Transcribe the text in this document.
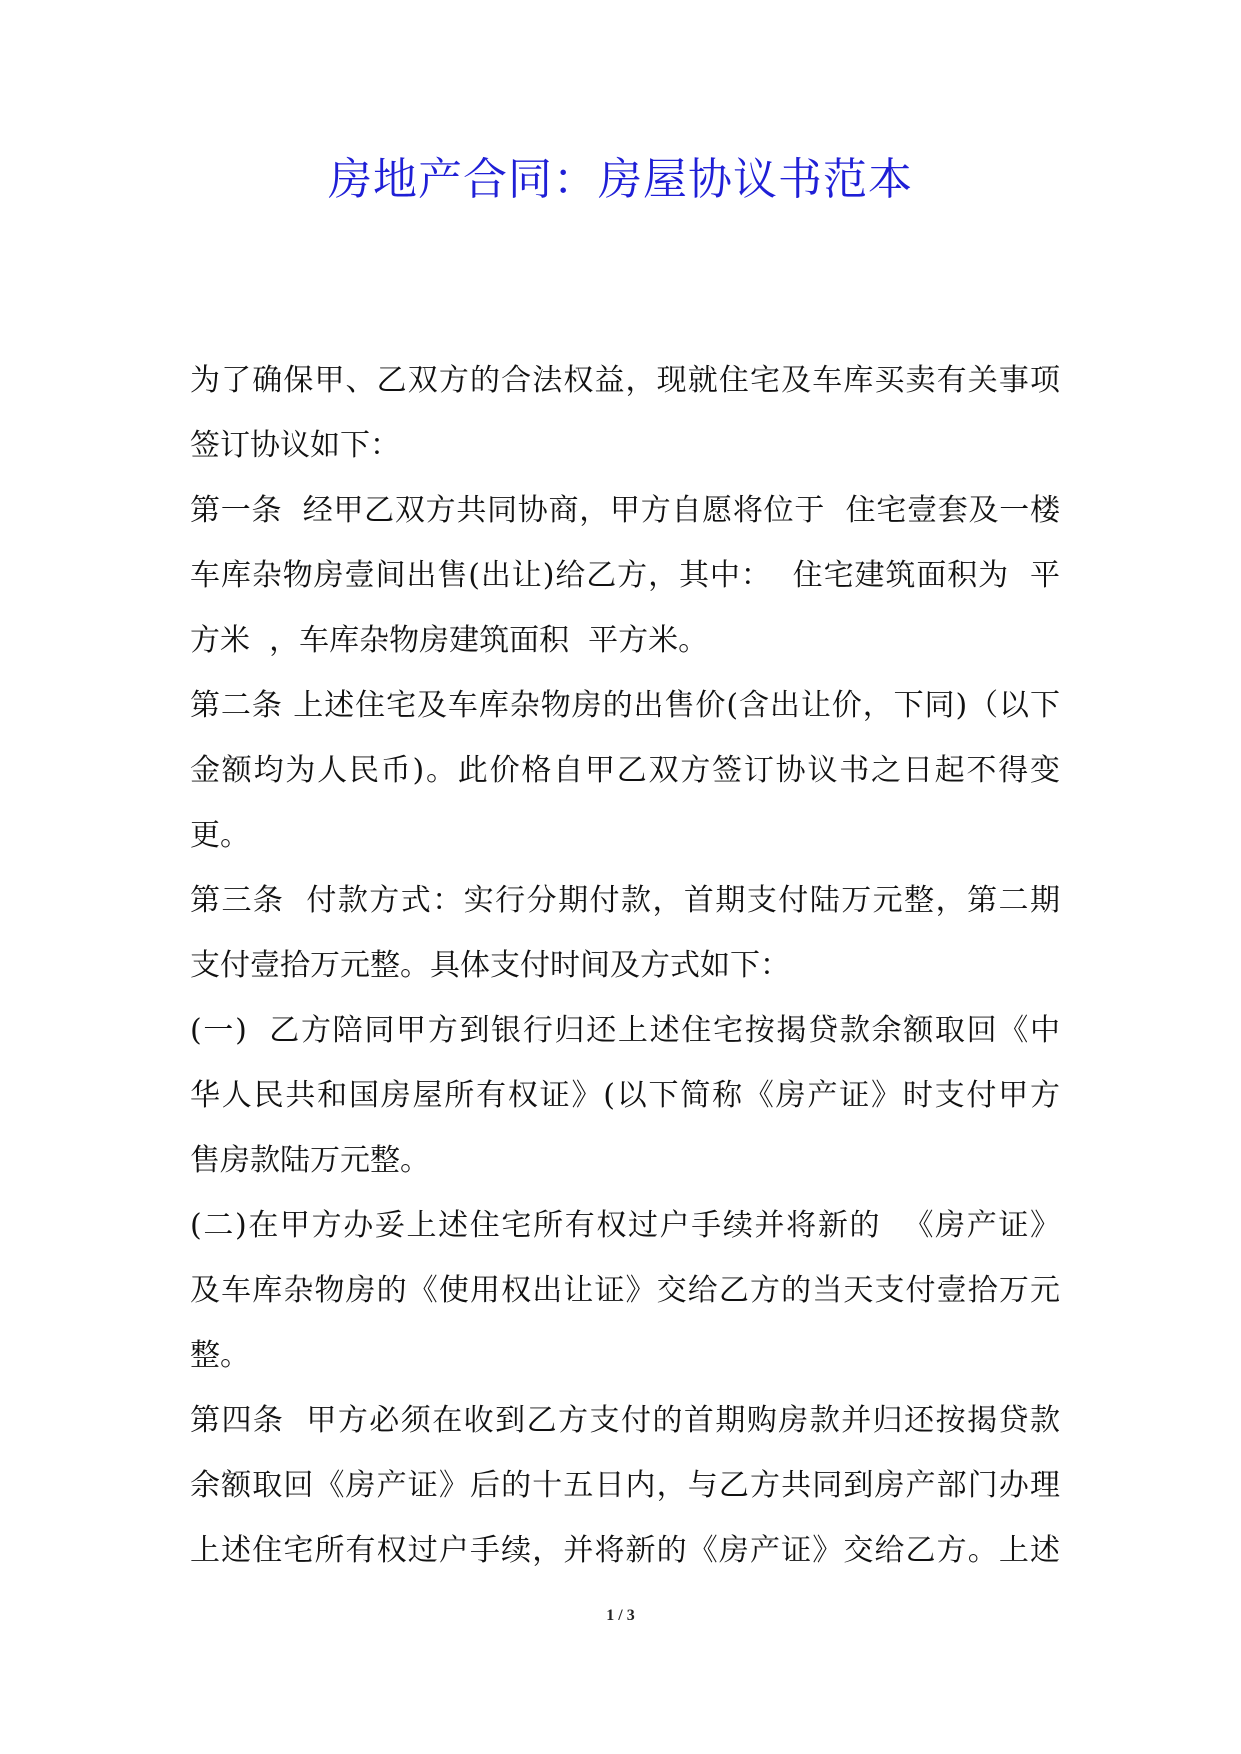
房地产合同：房屋协议书范本
为了确保甲、乙双方的合法权益，现就住宅及车库买卖有关事项
签订协议如下：
第一条  经甲乙双方共同协商，甲方自愿将位于  住宅壹套及一楼
车库杂物房壹间出售(出让)给乙方，其中：  住宅建筑面积为  平
方米  ，车库杂物房建筑面积  平方米。
第二条 上述住宅及车库杂物房的出售价(含出让价，下同)（以下
金额均为人民币)。此价格自甲乙双方签订协议书之日起不得变
更。
第三条  付款方式：实行分期付款，首期支付陆万元整，第二期
支付壹拾万元整。具体支付时间及方式如下：
(一)  乙方陪同甲方到银行归还上述住宅按揭贷款余额取回《中
华人民共和国房屋所有权证》(以下简称《房产证》时支付甲方
售房款陆万元整。
(二)在甲方办妥上述住宅所有权过户手续并将新的  《房产证》
及车库杂物房的《使用权出让证》交给乙方的当天支付壹拾万元
整。
第四条  甲方必须在收到乙方支付的首期购房款并归还按揭贷款
余额取回《房产证》后的十五日内，与乙方共同到房产部门办理
上述住宅所有权过户手续，并将新的《房产证》交给乙方。上述
1 / 3
